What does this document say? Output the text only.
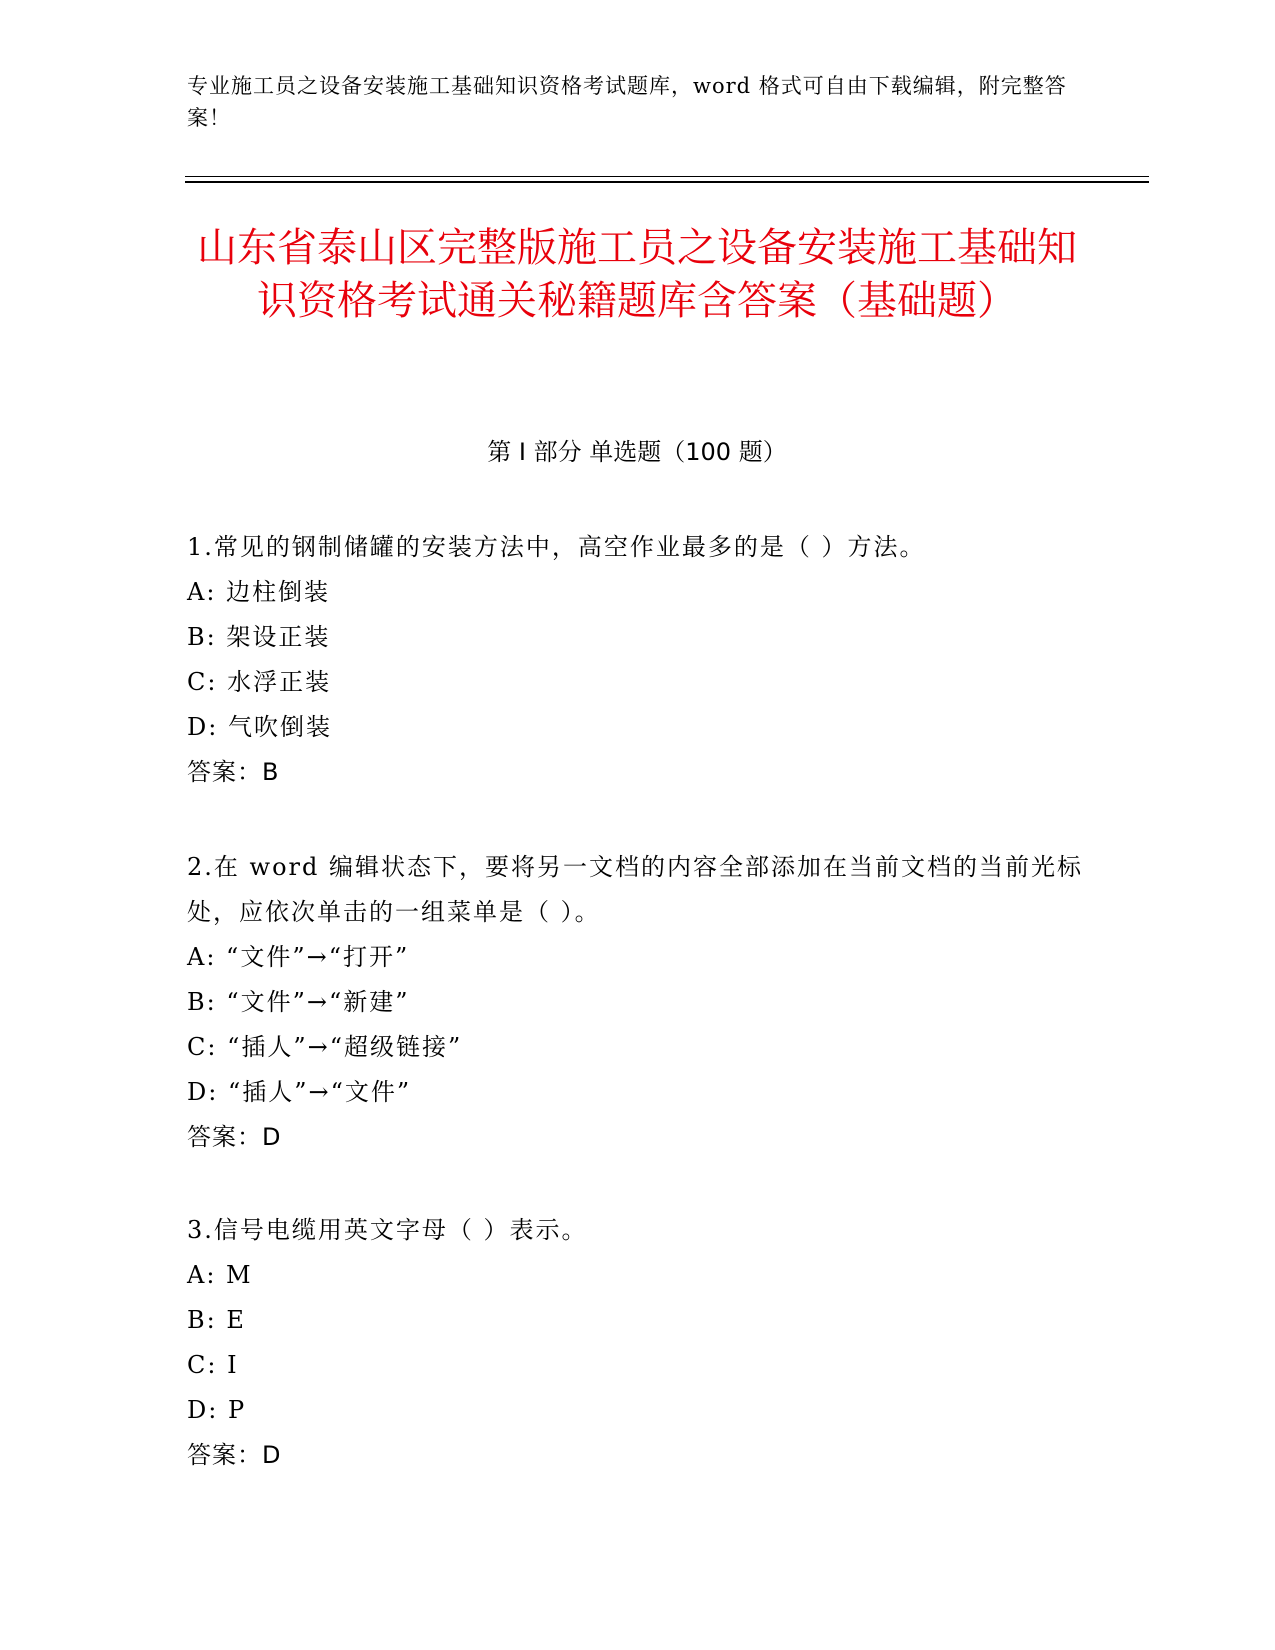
专业施工员之设备安装施工基础知识资格考试题库，word 格式可自由下载编辑，附完整答案！
山东省泰山区完整版施工员之设备安装施工基础知识资格考试通关秘籍题库含答案（基础题）
第 I 部分 单选题（100 题）
1.常见的钢制储罐的安装方法中，高空作业最多的是（ ）方法。
A: 边柱倒装
B: 架设正装
C: 水浮正装
D: 气吹倒装
答案：B
2.在 word 编辑状态下，要将另一文档的内容全部添加在当前文档的当前光标处，应依次单击的一组菜单是（ ）。
A: “文件”→“打开”
B: “文件”→“新建”
C: “插人”→“超级链接”
D: “插人”→“文件”
答案：D
3.信号电缆用英文字母（ ）表示。
A: M
B: E
C: I
D: P
答案：D
